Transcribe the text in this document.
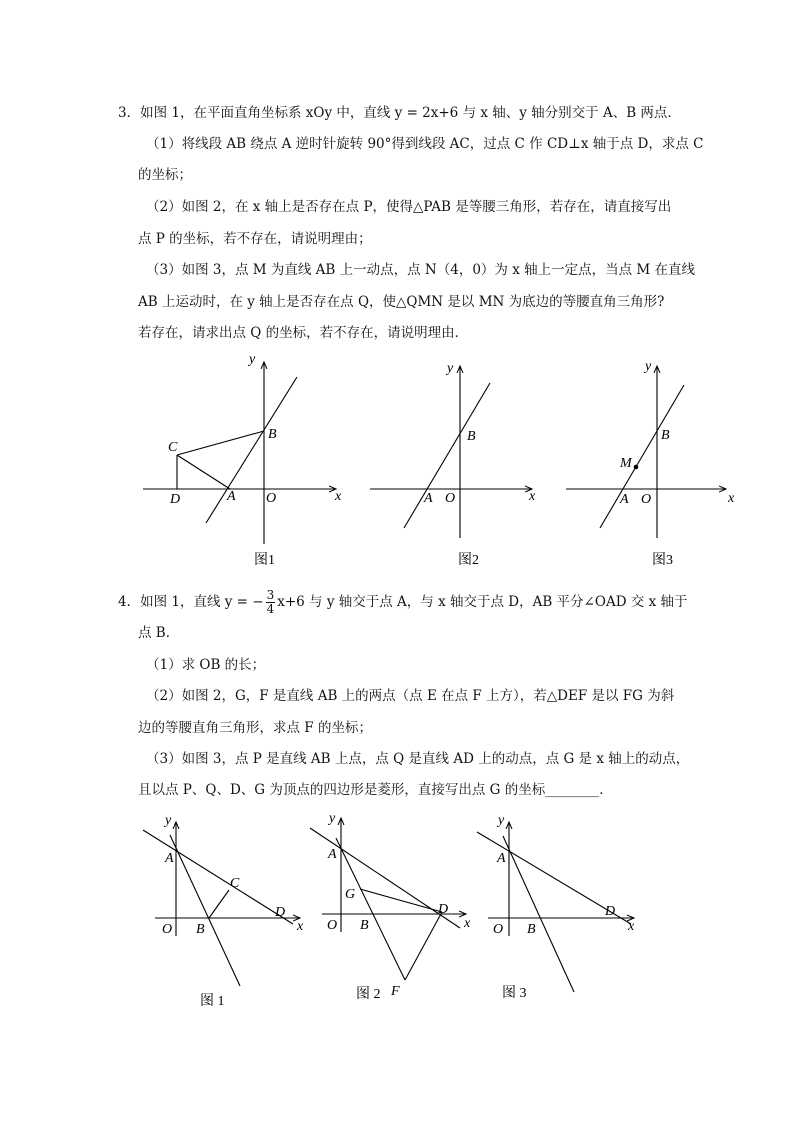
3．如图 1，在平面直角坐标系 xOy 中，直线 y = 2x+6 与 x 轴、y 轴分别交于 A、B 两点．
（1）将线段 AB 绕点 A 逆时针旋转 90°得到线段 AC，过点 C 作 CD⊥x 轴于点 D，求点 C
的坐标；
（2）如图 2，在 x 轴上是否存在点 P，使得△PAB 是等腰三角形，若存在，请直接写出
点 P 的坐标，若不存在，请说明理由；
（3）如图 3，点 M 为直线 AB 上一动点，点 N（4，0）为 x 轴上一定点，当点 M 在直线
AB 上运动时，在 y 轴上是否存在点 Q，使△QMN 是以 MN 为底边的等腰直角三角形?
若存在，请求出点 Q 的坐标，若不存在，请说明理由．
y
x
B
C
D	A O
图1
y
x
B
A O
图2
y
x
B
M
A O
图3
4．如图 1，直线 y = − $\frac{3}{4} x+6$ 与 y 轴交于点 A，与 x 轴交于点 D，AB 平分∠OAD 交 x 轴于
点 B．
（1）求 OB 的长；
（2）如图 2，G，F 是直线 AB 上的两点（点 E 在点 F 上方），若△DEF 是以 FG 为斜
边的等腰直角三角形，求点 F 的坐标；
（3）如图 3，点 P 是直线 AB 上点，点 Q 是直线 AD 上的动点，点 G 是 x 轴上的动点，
且以点 P、Q、D、G 为顶点的四边形是菱形，直接写出点 G 的坐标________．
y
x
A
C
D
B
O
图 1
y
x
A
G
D
B
O
F
图 2
y
x
A
D
B
O
图 3
